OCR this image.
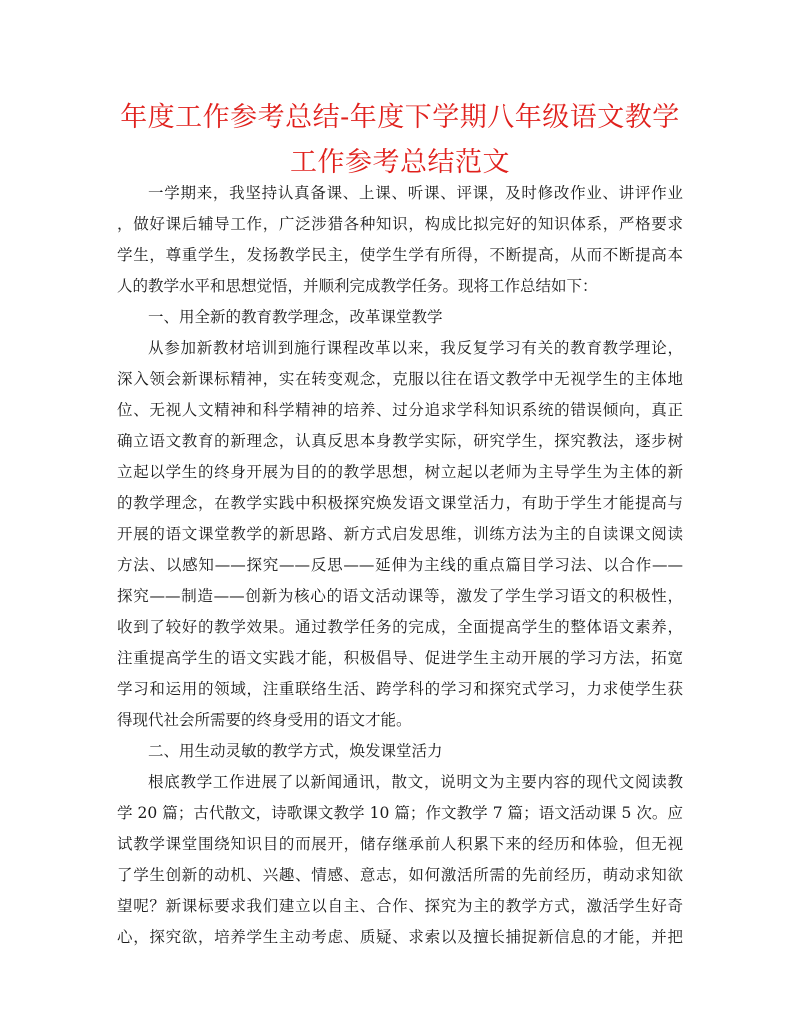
年度工作参考总结-年度下学期八年级语文教学
工作参考总结范文

一学期来，我坚持认真备课、上课、听课、评课，及时修改作业、讲评作业

，做好课后辅导工作，广泛涉猎各种知识，构成比拟完好的知识体系，严格要求

学生，尊重学生，发扬教学民主，使学生学有所得，不断提高，从而不断提高本

人的教学水平和思想觉悟，并顺利完成教学任务。现将工作总结如下：

一、用全新的教育教学理念，改革课堂教学

从参加新教材培训到施行课程改革以来，我反复学习有关的教育教学理论，

深入领会新课标精神，实在转变观念，克服以往在语文教学中无视学生的主体地

位、无视人文精神和科学精神的培养、过分追求学科知识系统的错误倾向，真正

确立语文教育的新理念，认真反思本身教学实际，研究学生，探究教法，逐步树

立起以学生的终身开展为目的的教学思想，树立起以老师为主导学生为主体的新

的教学理念，在教学实践中积极探究焕发语文课堂活力，有助于学生才能提高与

开展的语文课堂教学的新思路、新方式启发思维，训练方法为主的自读课文阅读

方法、以感知——探究——反思——延伸为主线的重点篇目学习法、以合作——

探究——制造——创新为核心的语文活动课等，激发了学生学习语文的积极性，

收到了较好的教学效果。通过教学任务的完成，全面提高学生的整体语文素养，

注重提高学生的语文实践才能，积极倡导、促进学生主动开展的学习方法，拓宽

学习和运用的领域，注重联络生活、跨学科的学习和探究式学习，力求使学生获

得现代社会所需要的终身受用的语文才能。

二、用生动灵敏的教学方式，焕发课堂活力

根底教学工作进展了以新闻通讯，散文，说明文为主要内容的现代文阅读教

学 20 篇；古代散文，诗歌课文教学 10 篇；作文教学 7 篇；语文活动课 5 次。应

试教学课堂围绕知识目的而展开，储存继承前人积累下来的经历和体验，但无视

了学生创新的动机、兴趣、情感、意志，如何激活所需的先前经历，萌动求知欲

望呢？新课标要求我们建立以自主、合作、探究为主的教学方式，激活学生好奇

心，探究欲，培养学生主动考虑、质疑、求索以及擅长捕捉新信息的才能，并把
